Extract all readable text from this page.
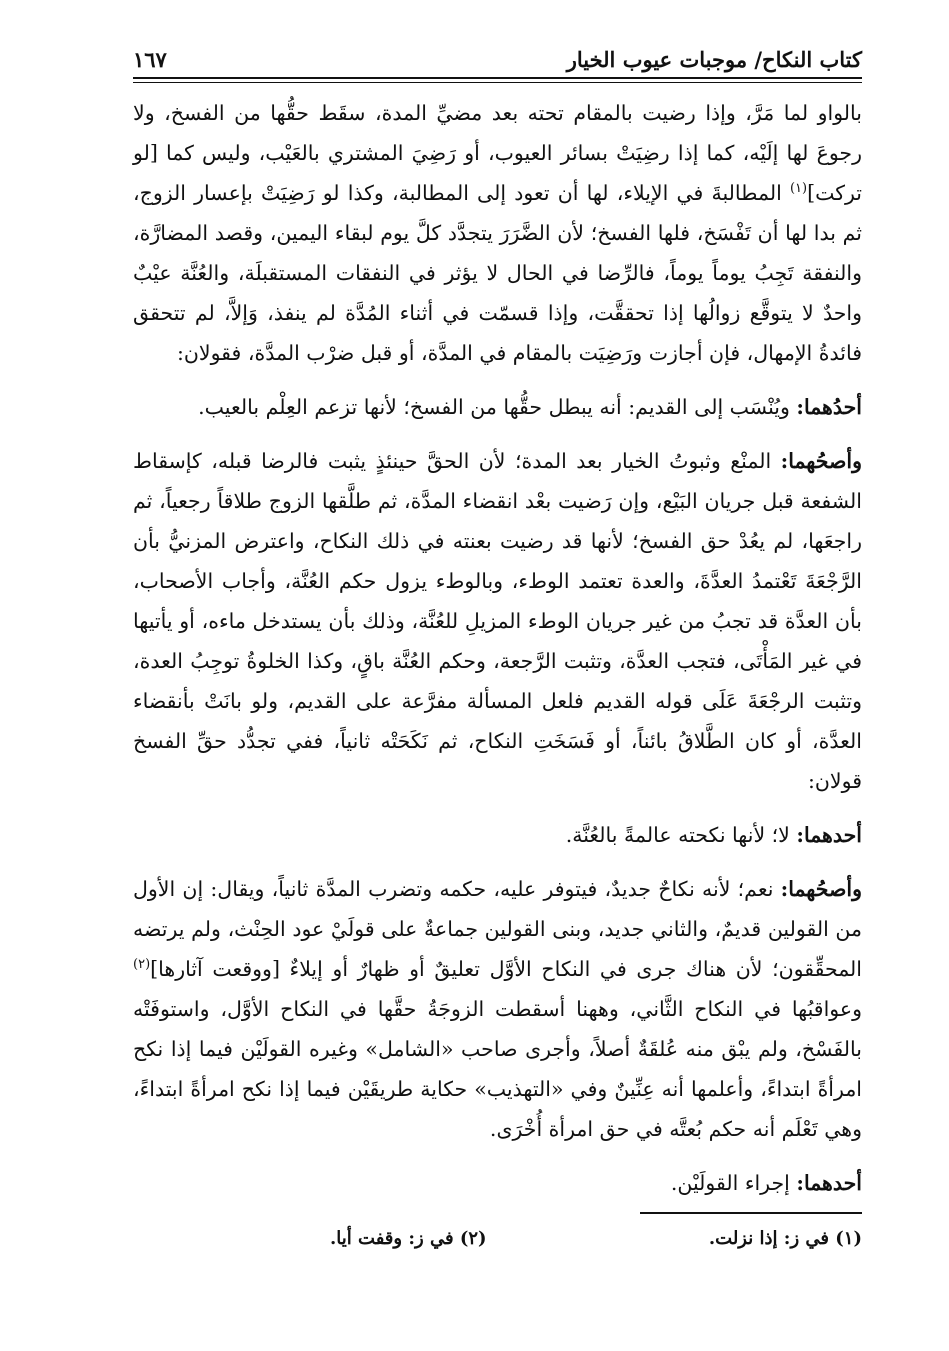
كتاب النكاح/ موجبات عيوب الخيار
١٦٧

بالواو لما مَرَّ، وإذا رضيت بالمقام تحته بعد مضيِّ المدة، سقَط حقُّها من الفسخ، ولا رجوعَ لها إلَيْه، كما إذا رضِيَتْ بسائر العيوب، أو رَضِيَ المشتري بالعَيْب، وليس كما [لو تركت]$^{(١)}$ المطالبةَ في الإيلاء، لها أن تعود إلى المطالبة، وكذا لو رَضِيَتْ بإعسار الزوج، ثم بدا لها أن تَفْسَخ، فلها الفسخ؛ لأن الضَّرَرَ يتجدَّد كلَّ يوم لبقاء اليمين، وقصد المضارَّة، والنفقة تَجِبُ يوماً يوماً، فالرِّضا في الحال لا يؤثر في النفقات المستقبلَة، والعُنَّة عيْبٌ واحدٌ لا يتوقَّع زوالُها إذا تحققَّت، وإذا قسمّت في أثناء المُدَّة لم ينفذ، وَإلاَّ، لم تتحقق فائدةُ الإمهال، فإن أجازت ورَضِيَت بالمقام في المدَّة، أو قبل ضرْب المدَّة، فقولان:

أحدُهما: ويُنْسَب إلى القديم: أنه يبطل حقُّها من الفسخ؛ لأنها تزعم العِلْم بالعيب.

وأصحُهما: المنْع وثبوتُ الخيار بعد المدة؛ لأن الحقَّ حينئذٍ يثبت فالرضا قبله، كإسقاط الشفعة قبل جريان البَيْع، وإن رَضيت بعْد انقضاء المدَّة، ثم طلَّقها الزوج طلاقاً رجعياً، ثم راجعَها، لم يعُدْ حق الفسخ؛ لأنها قد رضيت بعنته في ذلك النكاح، واعترض المزنيُّ بأن الرَّجْعَةَ تَعْتمدُ العدَّةَ، والعدة تعتمد الوطء، وبالوطء يزول حكم العُنَّة، وأجاب الأصحاب، بأن العدَّة قد تجبُ من غير جريان الوطء المزيلِ للعُنَّة، وذلك بأن يستدخل ماءه، أو يأتيها في غير المَأْتَى، فتجب العدَّة، وتثبت الرَّجعة، وحكم العُنَّة باقٍ، وكذا الخلوةُ توجِبُ العدة، وتثبت الرجْعَةَ عَلَى قوله القديم فلعل المسألة مفرَّعة على القديم، ولو بانَتْ بأنقضاء العدَّة، أو كان الطَّلاقُ بائناً، أو فَسَخَتِ النكاح، ثم نَكَحَتْه ثانياً، ففي تجدُّد حقِّ الفسخ قولان:

أحدهما: لا؛ لأنها نكحته عالمةً بالعُنَّة.

وأصحُهما: نعم؛ لأنه نكاحٌ جديدٌ، فيتوفر عليه، حكمه وتضرب المدَّة ثانياً، ويقال: إن الأول من القولين قديمٌ، والثاني جديد، وبنى القولين جماعةٌ على قولَيْ عود الحِنْث، ولم يرتضه المحقِّقون؛ لأن هناك جرى في النكاح الأوَّل تعليقٌ أو ظهارٌ أو إيلاءٌ [ووقعت آثارها]$^{(٢)}$ وعواقبُها في النكاح الثَّاني، وههنا أسقطت الزوجَةُ حقَّها في النكاح الأوَّل، واستوفَتْه بالفَسْخ، ولم يبْق منه عُلقَةٌ أصلاً، وأجرى صاحب «الشامل» وغيره القولَيْن فيما إذا نكح امرأةً ابتداءً، وأعلمها أنه عِنِّينٌ وفي «التهذيب» حكاية طريقَيْن فيما إذا نكح امرأةً ابتداءً، وهي تَعْلَم أنه حكم بُعتَّه في حق امرأة أُخْرَى.

أحدهما: إجراء القولَيْن.

(١) في ز: إذا نزلت.
(٢) في ز: وقفت أيا.
